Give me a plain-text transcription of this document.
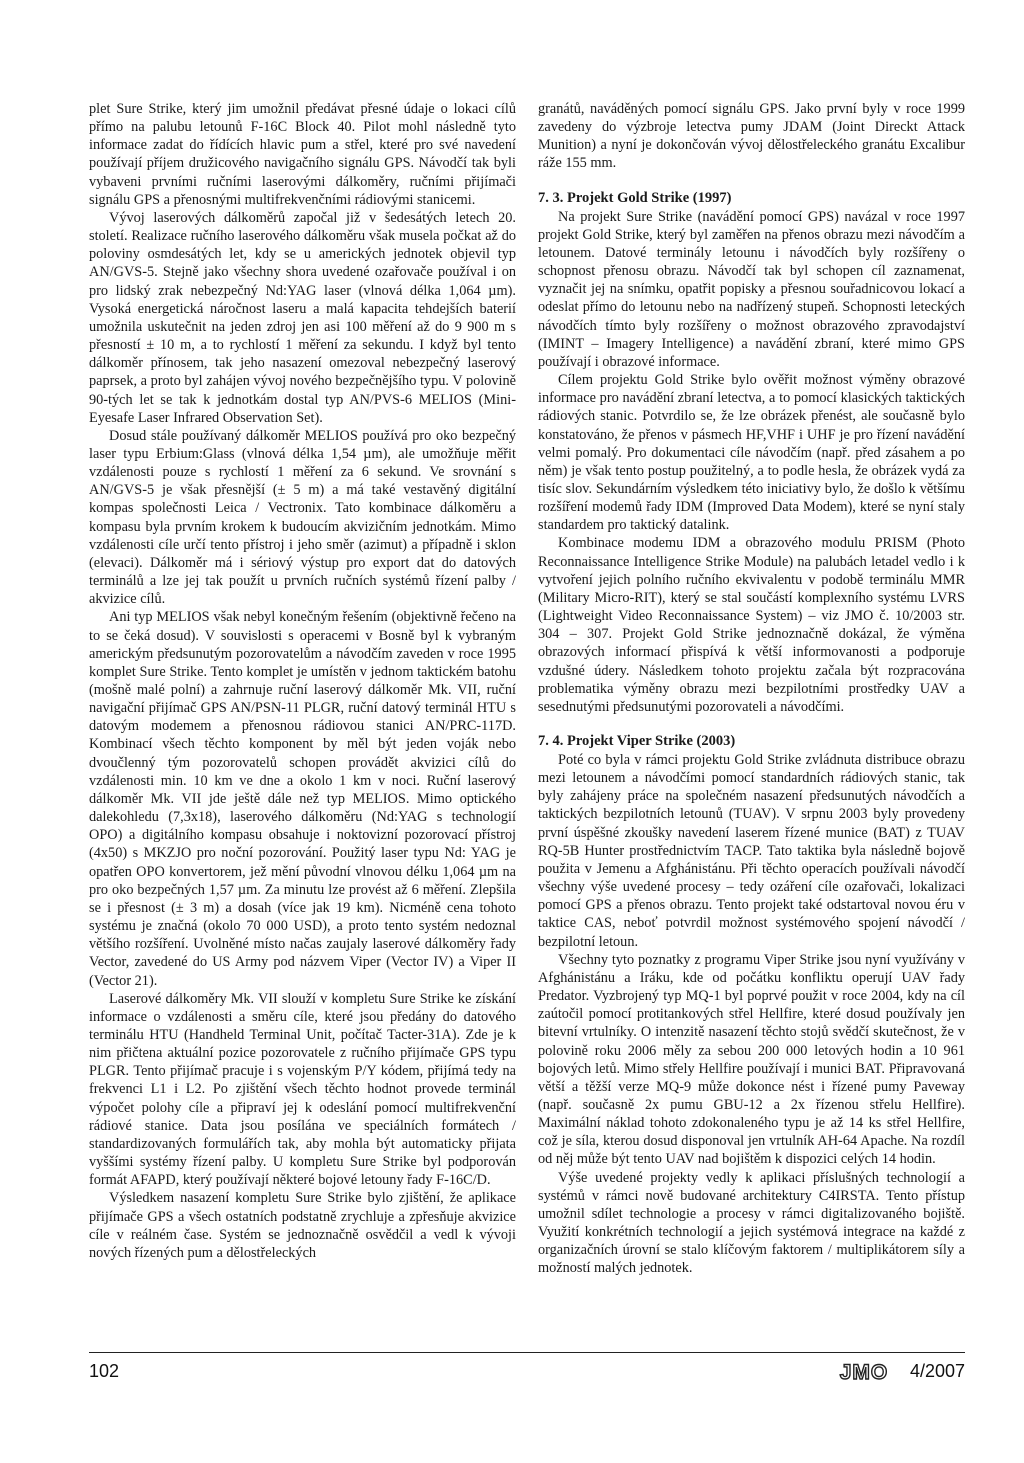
plet Sure Strike, který jim umožnil předávat přesné údaje o lokaci cílů přímo na palubu letounů F-16C Block 40. Pilot mohl následně tyto informace zadat do řídících hlavic pum a střel, které pro své navedení používají příjem družicového navigačního signálu GPS. Návodčí tak byli vybaveni prvními ručními laserovými dálkoměry, ručními přijímači signálu GPS a přenosnými multifrekvenčními rádiovými stanicemi.

Vývoj laserových dálkoměrů započal již v šedesátých letech 20. století. Realizace ručního laserového dálkoměru však musela počkat až do poloviny osmdesátých let, kdy se u amerických jednotek objevil typ AN/GVS-5. Stejně jako všechny shora uvedené ozařovače používal i on pro lidský zrak nebezpečný Nd:YAG laser (vlnová délka 1,064 µm). Vysoká energetická náročnost laseru a malá kapacita tehdejších baterií umožnila uskutečnit na jeden zdroj jen asi 100 měření až do 9 900 m s přesností ± 10 m, a to rychlostí 1 měření za sekundu. I když byl tento dálkoměr přínosem, tak jeho nasazení omezoval nebezpečný laserový paprsek, a proto byl zahájen vývoj nového bezpečnějšího typu. V polovině 90-tých let se tak k jednotkám dostal typ AN/PVS-6 MELIOS (Mini-Eyesafe Laser Infrared Observation Set).

Dosud stále používaný dálkoměr MELIOS používá pro oko bezpečný laser typu Erbium:Glass (vlnová délka 1,54 µm), ale umožňuje měřit vzdálenosti pouze s rychlostí 1 měření za 6 sekund. Ve srovnání s AN/GVS-5 je však přesnější (± 5 m) a má také vestavěný digitální kompas společnosti Leica / Vectronix. Tato kombinace dálkoměru a kompasu byla prvním krokem k budoucím akvizičním jednotkám. Mimo vzdálenosti cíle určí tento přístroj i jeho směr (azimut) a případně i sklon (elevaci). Dálkoměr má i sériový výstup pro export dat do datových terminálů a lze jej tak použít u prvních ručních systémů řízení palby / akvizice cílů.

Ani typ MELIOS však nebyl konečným řešením (objektivně řečeno na to se čeká dosud). V souvislosti s operacemi v Bosně byl k vybraným americkým předsunutým pozorovatelům a návodčím zaveden v roce 1995 komplet Sure Strike. Tento komplet je umístěn v jednom taktickém batohu (mošně malé polní) a zahrnuje ruční laserový dálkoměr Mk. VII, ruční navigační přijímač GPS AN/PSN-11 PLGR, ruční datový terminál HTU s datovým modemem a přenosnou rádiovou stanici AN/PRC-117D. Kombinací všech těchto komponent by měl být jeden voják nebo dvoučlenný tým pozorovatelů schopen provádět akvizici cílů do vzdálenosti min. 10 km ve dne a okolo 1 km v noci. Ruční laserový dálkoměr Mk. VII jde ještě dále než typ MELIOS. Mimo optického dalekohledu (7,3x18), laserového dálkoměru (Nd:YAG s technologií OPO) a digitálního kompasu obsahuje i noktovizní pozorovací přístroj (4x50) s MKZJO pro noční pozorování. Použitý laser typu Nd: YAG je opatřen OPO konvertorem, jež mění původní vlnovou délku 1,064 µm na pro oko bezpečných 1,57 µm. Za minutu lze provést až 6 měření. Zlepšila se i přesnost (± 3 m) a dosah (více jak 19 km). Nicméně cena tohoto systému je značná (okolo 70 000 USD), a proto tento systém nedoznal většího rozšíření. Uvolněné místo načas zaujaly laserové dálkoměry řady Vector, zavedené do US Army pod názvem Viper (Vector IV) a Viper II (Vector 21).

Laserové dálkoměry Mk. VII slouží v kompletu Sure Strike ke získání informace o vzdálenosti a směru cíle, které jsou předány do datového terminálu HTU (Handheld Terminal Unit, počítač Tacter-31A). Zde je k nim přičtena aktuální pozice pozorovatele z ručního přijímače GPS typu PLGR. Tento přijímač pracuje i s vojenským P/Y kódem, přijímá tedy na frekvenci L1 i L2. Po zjištění všech těchto hodnot provede terminál výpočet polohy cíle a připraví jej k odeslání pomocí multifrekvenční rádiové stanice. Data jsou posílána ve speciálních formátech / standardizovaných formulářích tak, aby mohla být automaticky přijata vyššími systémy řízení palby. U kompletu Sure Strike byl podporován formát AFAPD, který používají některé bojové letouny řady F-16C/D.

Výsledkem nasazení kompletu Sure Strike bylo zjištění, že aplikace přijímače GPS a všech ostatních podstatně zrychluje a zpřesňuje akvizice cíle v reálném čase. Systém se jednoznačně osvědčil a vedl k vývoji nových řízených pum a dělostřeleckých

granátů, naváděných pomocí signálu GPS. Jako první byly v roce 1999 zavedeny do výzbroje letectva pumy JDAM (Joint Direckt Attack Munition) a nyní je dokončován vývoj dělostřeleckého granátu Excalibur ráže 155 mm.

7. 3. Projekt Gold Strike (1997)

Na projekt Sure Strike (navádění pomocí GPS) navázal v roce 1997 projekt Gold Strike, který byl zaměřen na přenos obrazu mezi návodčím a letounem. Datové terminály letounu i návodčích byly rozšířeny o schopnost přenosu obrazu. Návodčí tak byl schopen cíl zaznamenat, vyznačit jej na snímku, opatřit popisky a přesnou souřadnicovou lokací a odeslat přímo do letounu nebo na nadřízený stupeň. Schopnosti leteckých návodčích tímto byly rozšířeny o možnost obrazového zpravodajství (IMINT – Imagery Intelligence) a navádění zbraní, které mimo GPS používají i obrazové informace.

Cílem projektu Gold Strike bylo ověřit možnost výměny obrazové informace pro navádění zbraní letectva, a to pomocí klasických taktických rádiových stanic. Potvrdilo se, že lze obrázek přenést, ale současně bylo konstatováno, že přenos v pásmech HF,VHF i UHF je pro řízení navádění velmi pomalý. Pro dokumentaci cíle návodčím (např. před zásahem a po něm) je však tento postup použitelný, a to podle hesla, že obrázek vydá za tisíc slov. Sekundárním výsledkem této iniciativy bylo, že došlo k většímu rozšíření modemů řady IDM (Improved Data Modem), které se nyní staly standardem pro taktický datalink.

Kombinace modemu IDM a obrazového modulu PRISM (Photo Reconnaissance Intelligence Strike Module) na palubách letadel vedlo i k vytvoření jejich polního ručního ekvivalentu v podobě terminálu MMR (Military Micro-RIT), který se stal součástí komplexního systému LVRS (Lightweight Video Reconnaissance System) – viz JMO č. 10/2003 str. 304 – 307. Projekt Gold Strike jednoznačně dokázal, že výměna obrazových informací přispívá k větší informovanosti a podporuje vzdušné údery. Následkem tohoto projektu začala být rozpracována problematika výměny obrazu mezi bezpilotními prostředky UAV a sesednutými předsunutými pozorovateli a návodčími.

7. 4. Projekt Viper Strike (2003)

Poté co byla v rámci projektu Gold Strike zvládnuta distribuce obrazu mezi letounem a návodčími pomocí standardních rádiových stanic, tak byly zahájeny práce na společném nasazení předsunutých návodčích a taktických bezpilotních letounů (TUAV). V srpnu 2003 byly provedeny první úspěšné zkoušky navedení laserem řízené munice (BAT) z TUAV RQ-5B Hunter prostřednictvím TACP. Tato taktika byla následně bojově použita v Jemenu a Afghánistánu. Při těchto operacích používali návodčí všechny výše uvedené procesy – tedy ozáření cíle ozařovači, lokalizaci pomocí GPS a přenos obrazu. Tento projekt také odstartoval novou éru v taktice CAS, neboť potvrdil možnost systémového spojení návodčí / bezpilotní letoun.

Všechny tyto poznatky z programu Viper Strike jsou nyní využívány v Afghánistánu a Iráku, kde od počátku konfliktu operují UAV řady Predator. Vyzbrojený typ MQ-1 byl poprvé použit v roce 2004, kdy na cíl zaútočil pomocí protitankových střel Hellfire, které dosud používaly jen bitevní vrtulníky. O intenzitě nasazení těchto stojů svědčí skutečnost, že v polovině roku 2006 měly za sebou 200 000 letových hodin a 10 961 bojových letů. Mimo střely Hellfire používají i munici BAT. Připravovaná větší a těžší verze MQ-9 může dokonce nést i řízené pumy Paveway (např. současně 2x pumu GBU-12 a 2x řízenou střelu Hellfire). Maximální náklad tohoto zdokonaleného typu je až 14 ks střel Hellfire, což je síla, kterou dosud disponoval jen vrtulník AH-64 Apache. Na rozdíl od něj může být tento UAV nad bojištěm k dispozici celých 14 hodin.

Výše uvedené projekty vedly k aplikaci příslušných technologií a systémů v rámci nově budované architektury C4IRSTA. Tento přístup umožnil sdílet technologie a procesy v rámci digitalizovaného bojiště. Využití konkrétních technologií a jejich systémová integrace na každé z organizačních úrovní se stalo klíčovým faktorem / multiplikátorem síly a možností malých jednotek.

102	JMO 4/2007
